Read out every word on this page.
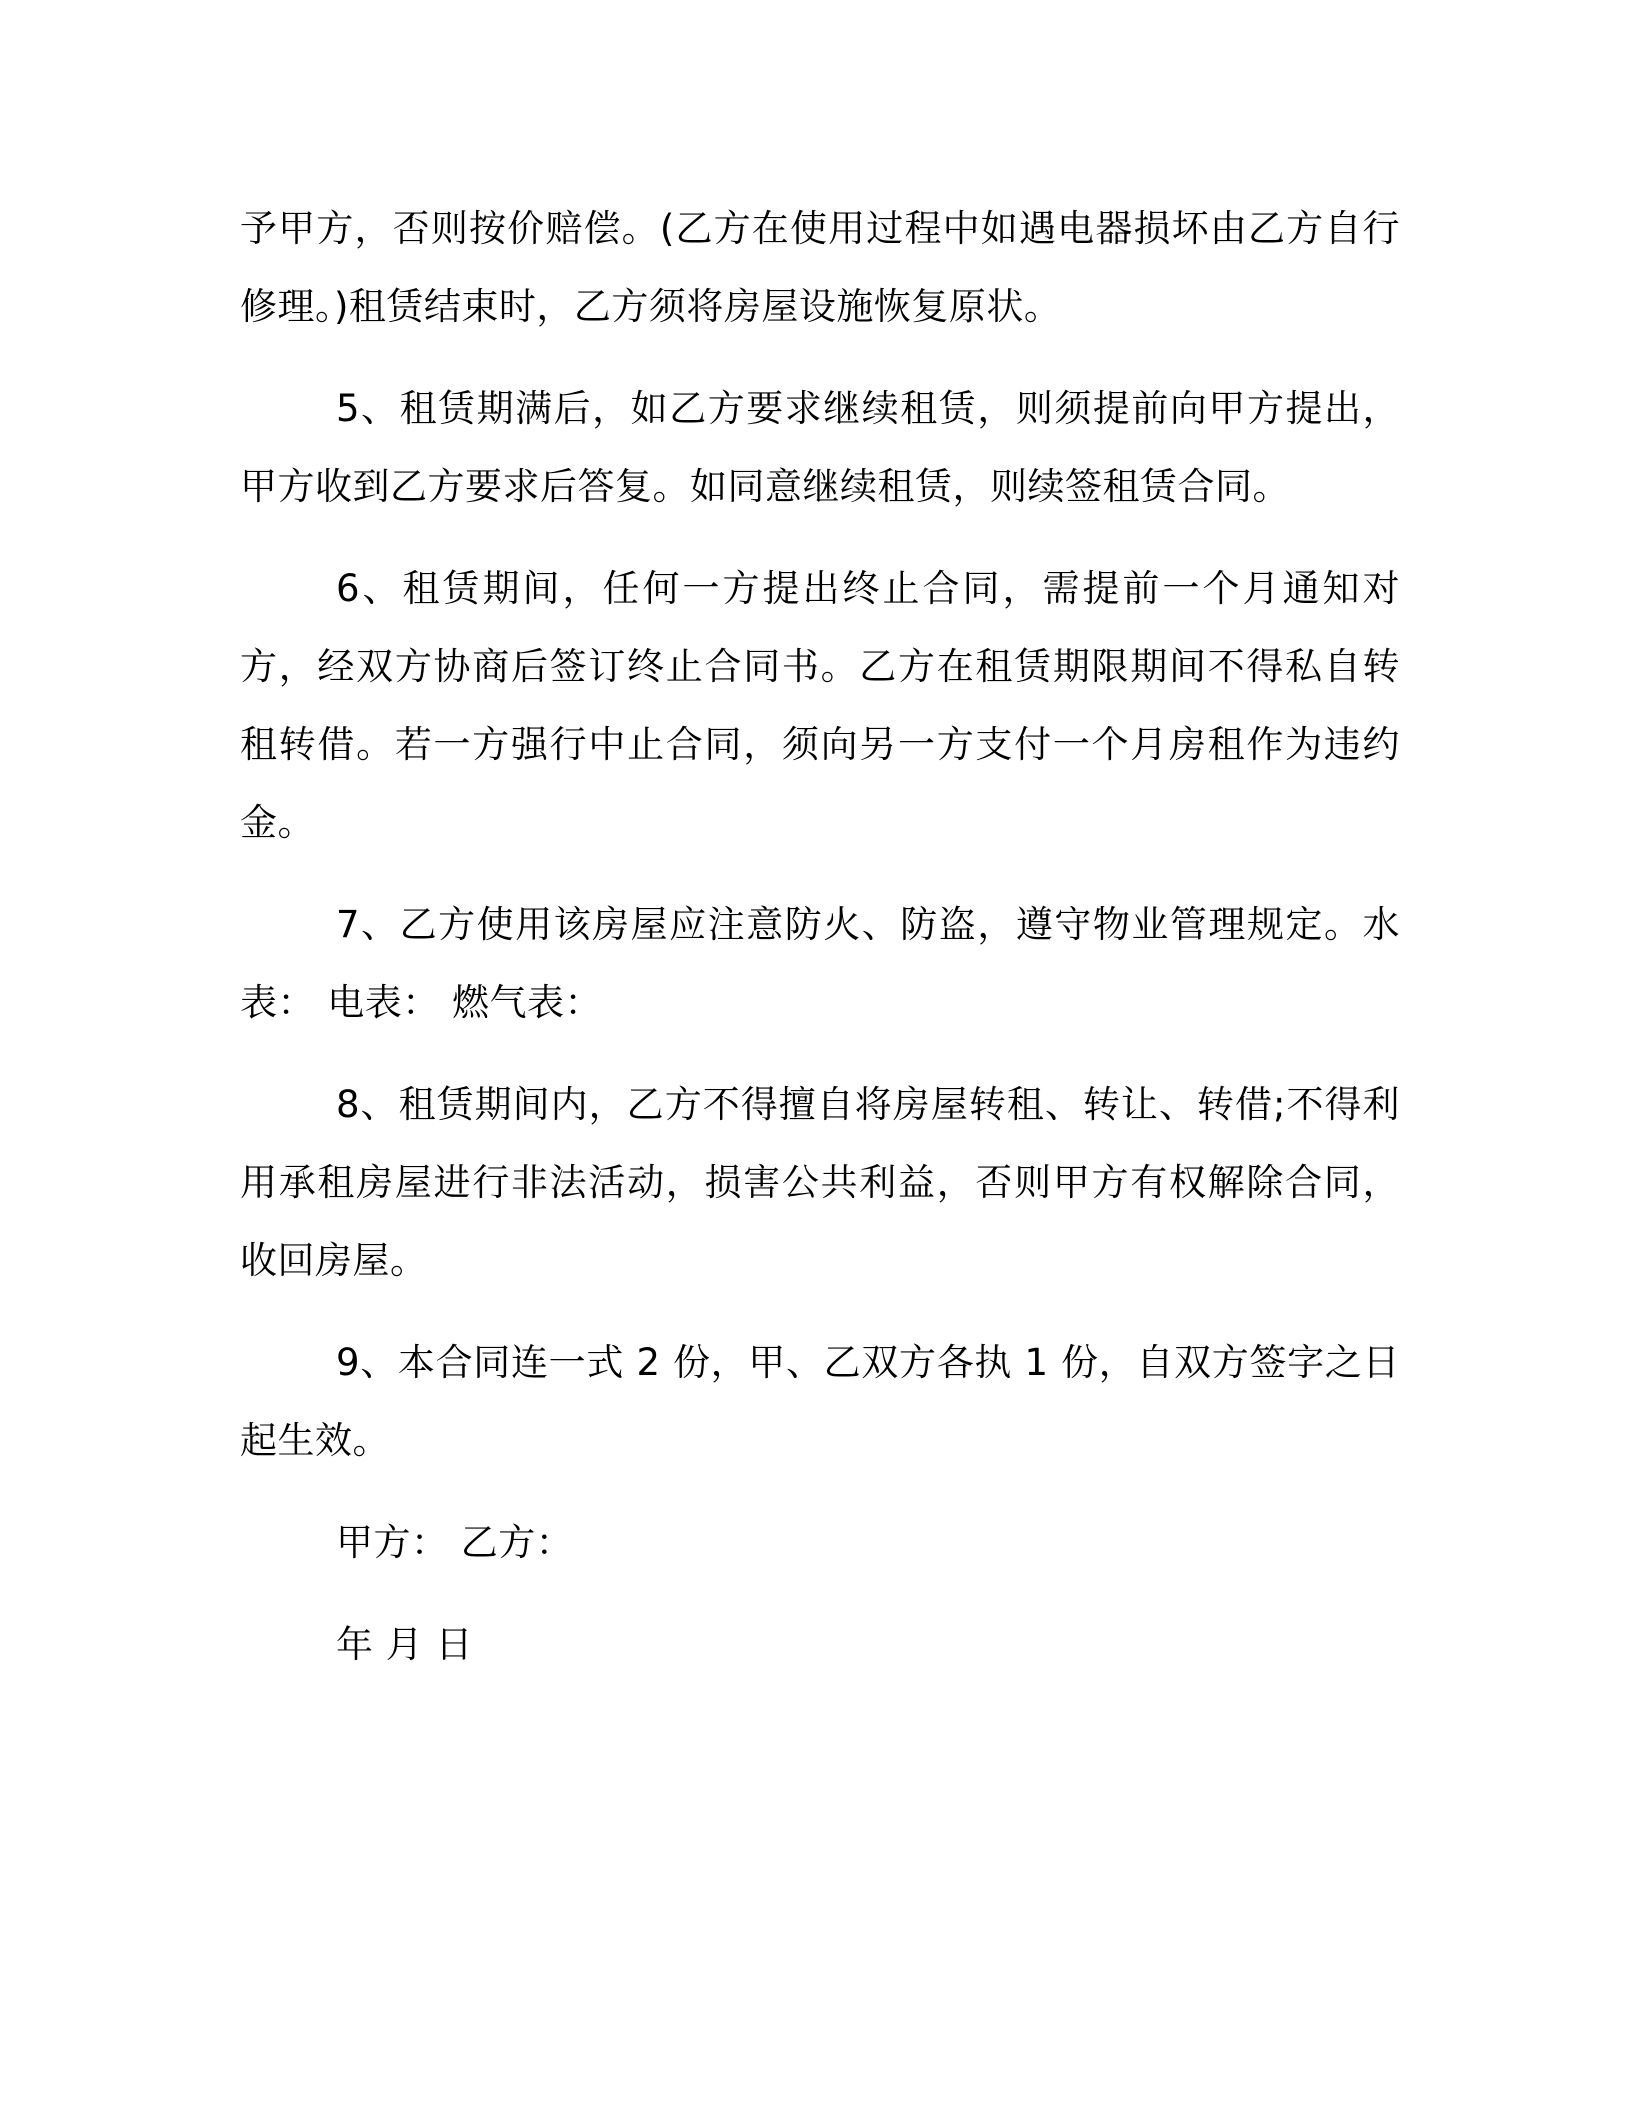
予甲方，否则按价赔偿。(乙方在使用过程中如遇电器损坏由乙方自行修理。)租赁结束时，乙方须将房屋设施恢复原状。

5、租赁期满后，如乙方要求继续租赁，则须提前向甲方提出，甲方收到乙方要求后答复。如同意继续租赁，则续签租赁合同。

6、租赁期间，任何一方提出终止合同，需提前一个月通知对方，经双方协商后签订终止合同书。乙方在租赁期限期间不得私自转租转借。若一方强行中止合同，须向另一方支付一个月房租作为违约金。

7、乙方使用该房屋应注意防火、防盗，遵守物业管理规定。水表： 电表： 燃气表：

8、租赁期间内，乙方不得擅自将房屋转租、转让、转借;不得利用承租房屋进行非法活动，损害公共利益，否则甲方有权解除合同，收回房屋。

9、本合同连一式 2 份，甲、乙双方各执 1 份，自双方签字之日起生效。

甲方： 乙方：

年 月 日
